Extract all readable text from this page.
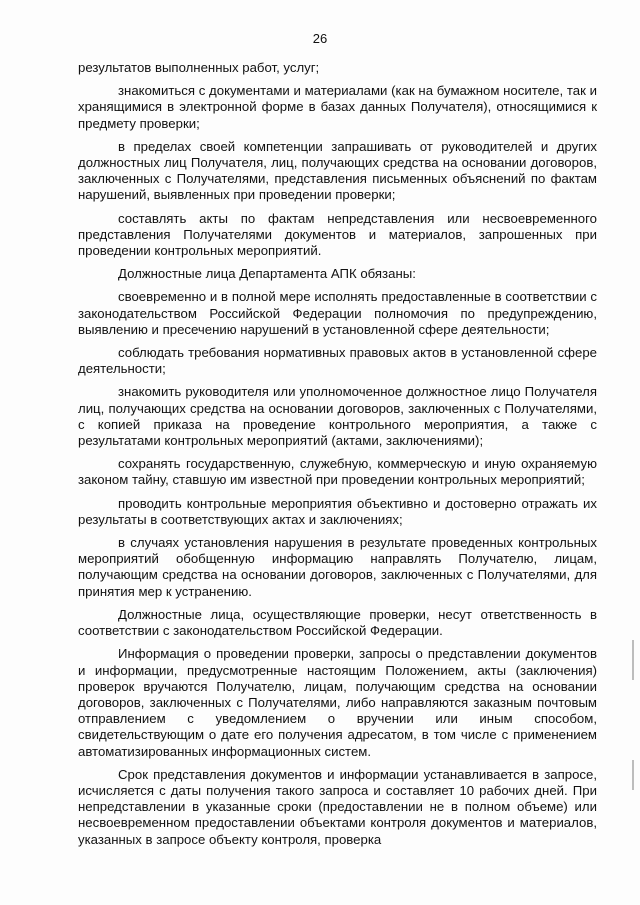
26

результатов выполненных работ, услуг;

знакомиться с документами и материалами (как на бумажном носителе, так и хранящимися в электронной форме в базах данных Получателя), относящимися к предмету проверки;

в пределах своей компетенции запрашивать от руководителей и других должностных лиц Получателя, лиц, получающих средства на основании договоров, заключенных с Получателями, представления письменных объяснений по фактам нарушений, выявленных при проведении проверки;

составлять акты по фактам непредставления или несвоевременного представления Получателями документов и материалов, запрошенных при проведении контрольных мероприятий.

Должностные лица Департамента АПК обязаны:

своевременно и в полной мере исполнять предоставленные в соответствии с законодательством Российской Федерации полномочия по предупреждению, выявлению и пресечению нарушений в установленной сфере деятельности;

соблюдать требования нормативных правовых актов в установленной сфере деятельности;

знакомить руководителя или уполномоченное должностное лицо Получателя лиц, получающих средства на основании договоров, заключенных с Получателями, с копией приказа на проведение контрольного мероприятия, а также с результатами контрольных мероприятий (актами, заключениями);

сохранять государственную, служебную, коммерческую и иную охраняемую законом тайну, ставшую им известной при проведении контрольных мероприятий;

проводить контрольные мероприятия объективно и достоверно отражать их результаты в соответствующих актах и заключениях;

в случаях установления нарушения в результате проведенных контрольных мероприятий обобщенную информацию направлять Получателю, лицам, получающим средства на основании договоров, заключенных с Получателями, для принятия мер к устранению.

Должностные лица, осуществляющие проверки, несут ответственность в соответствии с законодательством Российской Федерации.

Информация о проведении проверки, запросы о представлении документов и информации, предусмотренные настоящим Положением, акты (заключения) проверок вручаются Получателю, лицам, получающим средства на основании договоров, заключенных с Получателями, либо направляются заказным почтовым отправлением с уведомлением о вручении или иным способом, свидетельствующим о дате его получения адресатом, в том числе с применением автоматизированных информационных систем.

Срок представления документов и информации устанавливается в запросе, исчисляется с даты получения такого запроса и составляет 10 рабочих дней. При непредставлении в указанные сроки (предоставлении не в полном объеме) или несвоевременном предоставлении объектами контроля документов и материалов, указанных в запросе объекту контроля, проверка
